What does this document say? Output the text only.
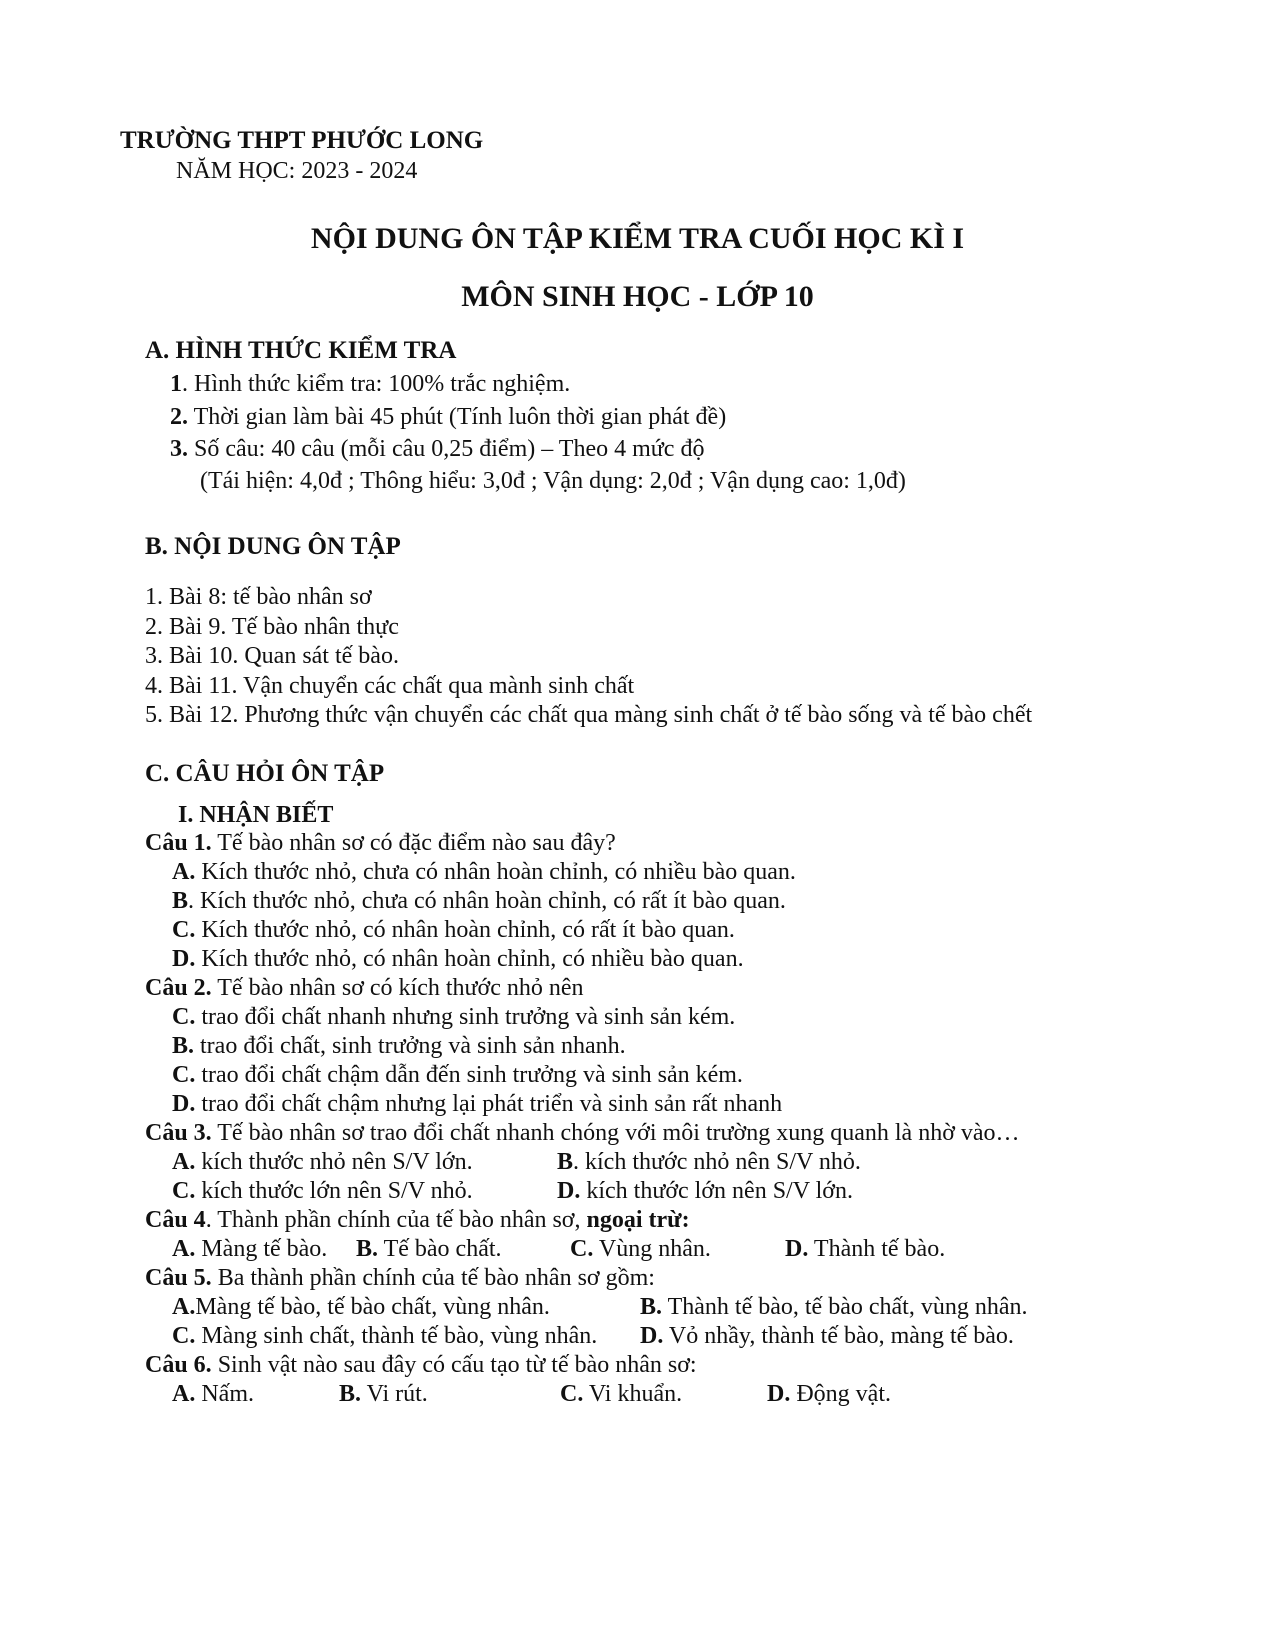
TRƯỜNG THPT PHƯỚC LONG
NĂM HỌC: 2023 - 2024
NỘI DUNG ÔN TẬP KIỂM TRA CUỐI HỌC KÌ I
MÔN SINH HỌC - LỚP 10
A. HÌNH THỨC KIỂM TRA
1. Hình thức kiểm tra: 100% trắc nghiệm.
2. Thời gian làm bài 45 phút (Tính luôn thời gian phát đề)
3. Số câu: 40 câu (mỗi câu 0,25 điểm) – Theo 4 mức độ
(Tái hiện: 4,0đ ; Thông hiểu: 3,0đ ; Vận dụng: 2,0đ ; Vận dụng cao: 1,0đ)
B. NỘI DUNG ÔN TẬP
1. Bài 8: tế bào nhân sơ
2. Bài 9. Tế bào nhân thực
3. Bài 10. Quan sát tế bào.
4. Bài 11. Vận chuyển các chất qua mành sinh chất
5. Bài 12. Phương thức vận chuyển các chất qua màng sinh chất ở tế bào sống và tế bào chết
C. CÂU HỎI ÔN TẬP
I. NHẬN BIẾT
Câu 1. Tế bào nhân sơ có đặc điểm nào sau đây?
A. Kích thước nhỏ, chưa có nhân hoàn chỉnh, có nhiều bào quan.
B. Kích thước nhỏ, chưa có nhân hoàn chỉnh, có rất ít bào quan.
C. Kích thước nhỏ, có nhân hoàn chỉnh, có rất ít bào quan.
D. Kích thước nhỏ, có nhân hoàn chỉnh, có nhiều bào quan.
Câu 2. Tế bào nhân sơ có kích thước nhỏ nên
C. trao đổi chất nhanh nhưng sinh trưởng và sinh sản kém.
B. trao đổi chất, sinh trưởng và sinh sản nhanh.
C. trao đổi chất chậm dẫn đến sinh trưởng và sinh sản kém.
D. trao đổi chất chậm nhưng lại phát triển và sinh sản rất nhanh
Câu 3. Tế bào nhân sơ trao đổi chất nhanh chóng với môi trường xung quanh là nhờ vào…
A. kích thước nhỏ nên S/V lớn.	B. kích thước nhỏ nên S/V nhỏ.
C. kích thước lớn nên S/V nhỏ.	D. kích thước lớn nên S/V lớn.
Câu 4. Thành phần chính của tế bào nhân sơ, ngoại trừ:
A. Màng tế bào. B. Tế bào chất.	C. Vùng nhân.	D. Thành tế bào.
Câu 5. Ba thành phần chính của tế bào nhân sơ gồm:
A.Màng tế bào, tế bào chất, vùng nhân.	B. Thành tế bào, tế bào chất, vùng nhân.
C. Màng sinh chất, thành tế bào, vùng nhân. D. Vỏ nhầy, thành tế bào, màng tế bào.
Câu 6. Sinh vật nào sau đây có cấu tạo từ tế bào nhân sơ:
A. Nấm.	B. Vi rút.	C. Vi khuẩn.	D. Động vật.
